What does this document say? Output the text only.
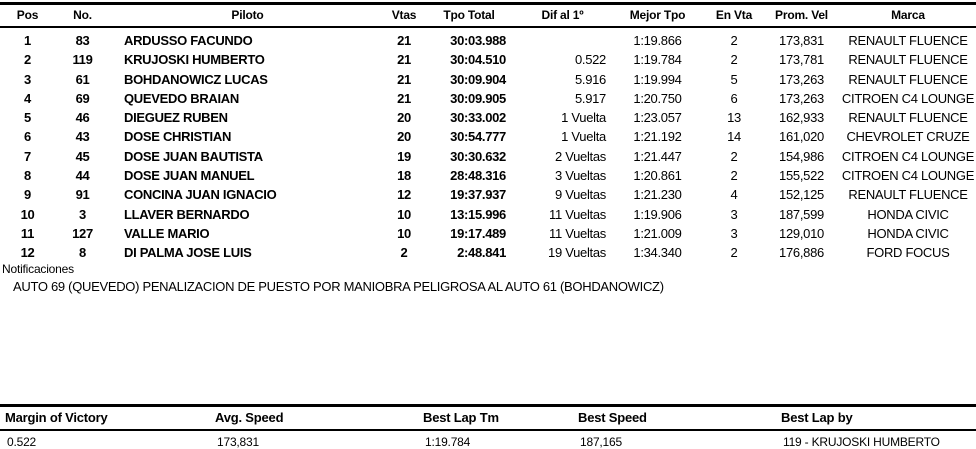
Pos	No.	Piloto	Vtas	Tpo Total	Dif al 1º	Mejor Tpo	En Vta	Prom. Vel	Marca
1	83	ARDUSSO FACUNDO	21	30:03.988		1:19.866	2	173,831	RENAULT FLUENCE
2	119	KRUJOSKI HUMBERTO	21	30:04.510	0.522	1:19.784	2	173,781	RENAULT FLUENCE
3	61	BOHDANOWICZ LUCAS	21	30:09.904	5.916	1:19.994	5	173,263	RENAULT FLUENCE
4	69	QUEVEDO BRAIAN	21	30:09.905	5.917	1:20.750	6	173,263	CITROEN C4 LOUNGE
5	46	DIEGUEZ RUBEN	20	30:33.002	1 Vuelta	1:23.057	13	162,933	RENAULT FLUENCE
6	43	DOSE CHRISTIAN	20	30:54.777	1 Vuelta	1:21.192	14	161,020	CHEVROLET CRUZE
7	45	DOSE JUAN BAUTISTA	19	30:30.632	2 Vueltas	1:21.447	2	154,986	CITROEN C4 LOUNGE
8	44	DOSE JUAN MANUEL	18	28:48.316	3 Vueltas	1:20.861	2	155,522	CITROEN C4 LOUNGE
9	91	CONCINA JUAN IGNACIO	12	19:37.937	9 Vueltas	1:21.230	4	152,125	RENAULT FLUENCE
10	3	LLAVER BERNARDO	10	13:15.996	11 Vueltas	1:19.906	3	187,599	HONDA CIVIC
11	127	VALLE MARIO	10	19:17.489	11 Vueltas	1:21.009	3	129,010	HONDA CIVIC
12	8	DI PALMA JOSE LUIS	2	2:48.841	19 Vueltas	1:34.340	2	176,886	FORD FOCUS
Notificaciones
AUTO 69 (QUEVEDO) PENALIZACION DE PUESTO POR MANIOBRA PELIGROSA AL AUTO 61 (BOHDANOWICZ)
Margin of Victory	Avg. Speed	Best Lap Tm	Best Speed	Best Lap by
0.522	173,831	1:19.784	187,165	119 - KRUJOSKI HUMBERTO
